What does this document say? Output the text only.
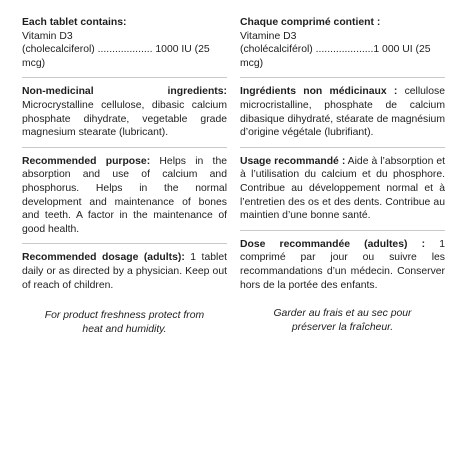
Each tablet contains:
Vitamin D3
(cholecalciferol) ................... 1000 IU (25 mcg)

Non-medicinal ingredients: Microcrystalline cellulose, dibasic calcium phosphate dihydrate, vegetable grade magnesium stearate (lubricant).

Recommended purpose: Helps in the absorption and use of calcium and phosphorus. Helps in the normal development and maintenance of bones and teeth. A factor in the maintenance of good health.

Recommended dosage (adults): 1 tablet daily or as directed by a physician. Keep out of reach of children.

For product freshness protect from heat and humidity.

Chaque comprimé contient :
Vitamine D3
(cholécalciférol) ....................1 000 UI (25 mcg)

Ingrédients non médicinaux : cellulose microcristalline, phosphate de calcium dibasique dihydraté, stéarate de magnésium d’origine végétale (lubrifiant).

Usage recommandé : Aide à l’absorption et à l’utilisation du calcium et du phosphore. Contribue au développement normal et à l’entretien des os et des dents. Contribue au maintien d’une bonne santé.

Dose recommandée (adultes) : 1 comprimé par jour ou suivre les recommandations d’un médecin. Conserver hors de la portée des enfants.

Garder au frais et au sec pour préserver la fraîcheur.
